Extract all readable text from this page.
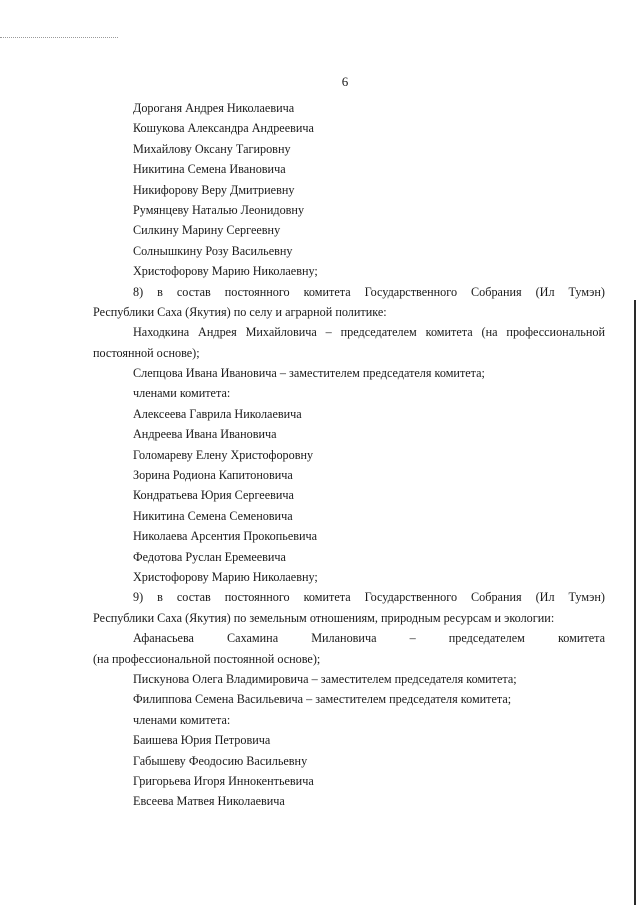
6
Дороганя Андрея Николаевича
Кошукова Александра Андреевича
Михайлову Оксану Тагировну
Никитина Семена Ивановича
Никифорову Веру Дмитриевну
Румянцеву Наталью Леонидовну
Силкину Марину Сергеевну
Солнышкину Розу Васильевну
Христофорову Марию Николаевну;
8) в состав постоянного комитета Государственного Собрания (Ил Тумэн)
Республики Саха (Якутия) по селу и аграрной политике:
Находкина Андрея Михайловича – председателем комитета (на профессиональной
постоянной основе);
Слепцова Ивана Ивановича – заместителем председателя комитета;
членами комитета:
Алексеева Гаврила Николаевича
Андреева Ивана Ивановича
Голомареву Елену Христофоровну
Зорина Родиона Капитоновича
Кондратьева Юрия Сергеевича
Никитина Семена Семеновича
Николаева Арсентия Прокопьевича
Федотова Руслан Еремеевича
Христофорову Марию Николаевну;
9) в состав постоянного комитета Государственного Собрания (Ил Тумэн)
Республики Саха (Якутия) по земельным отношениям, природным ресурсам и экологии:
Афанасьева Сахамина Милановича – председателем комитета
(на профессиональной постоянной основе);
Пискунова Олега Владимировича – заместителем председателя комитета;
Филиппова Семена Васильевича – заместителем председателя комитета;
членами комитета:
Баишева Юрия Петровича
Габышеву Феодосию Васильевну
Григорьева Игоря Иннокентьевича
Евсеева Матвея Николаевича
